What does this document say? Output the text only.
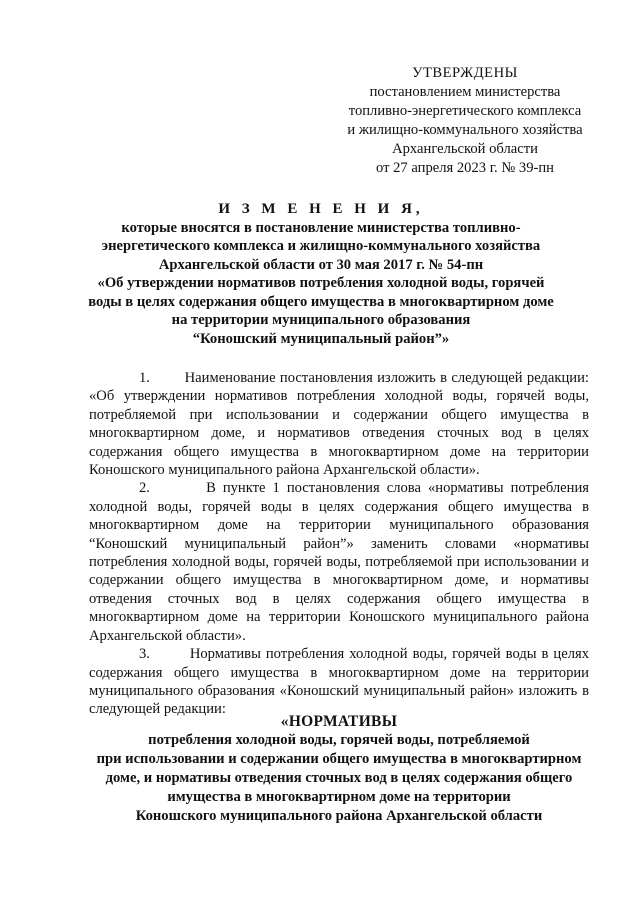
УТВЕРЖДЕНЫ
постановлением министерства
топливно-энергетического комплекса
и жилищно-коммунального хозяйства
Архангельской области
от 27 апреля 2023 г. № 39-пн
И З М Е Н Е Н И Я,
которые вносятся в постановление министерства топливно-
энергетического комплекса и жилищно-коммунального хозяйства
Архангельской области от 30 мая 2017 г. № 54-пн
«Об утверждении нормативов потребления холодной воды, горячей
воды в целях содержания общего имущества в многоквартирном доме
на территории муниципального образования
“Коношский муниципальный район”»

1.        Наименование постановления изложить в следующей редакции: «Об утверждении нормативов потребления холодной воды, горячей воды, потребляемой при использовании и содержании общего имущества в многоквартирном доме, и нормативов отведения сточных вод в целях содержания общего имущества в многоквартирном доме на территории Коношского муниципального района Архангельской области».

2.        В пункте 1 постановления слова «нормативы потребления холодной воды, горячей воды в целях содержания общего имущества в многоквартирном доме на территории муниципального образования “Коношский муниципальный район”» заменить словами «нормативы потребления холодной воды, горячей воды, потребляемой при использовании и содержании общего имущества в многоквартирном доме, и нормативы отведения сточных вод в целях содержания общего имущества в многоквартирном доме на территории Коношского муниципального района Архангельской области».

3.        Нормативы потребления холодной воды, горячей воды в целях содержания общего имущества в многоквартирном доме на территории муниципального образования «Коношский муниципальный район» изложить в следующей редакции:

«НОРМАТИВЫ
потребления холодной воды, горячей воды, потребляемой
при использовании и содержании общего имущества в многоквартирном
доме, и нормативы отведения сточных вод в целях содержания общего
имущества в многоквартирном доме на территории
Коношского муниципального района Архангельской области
